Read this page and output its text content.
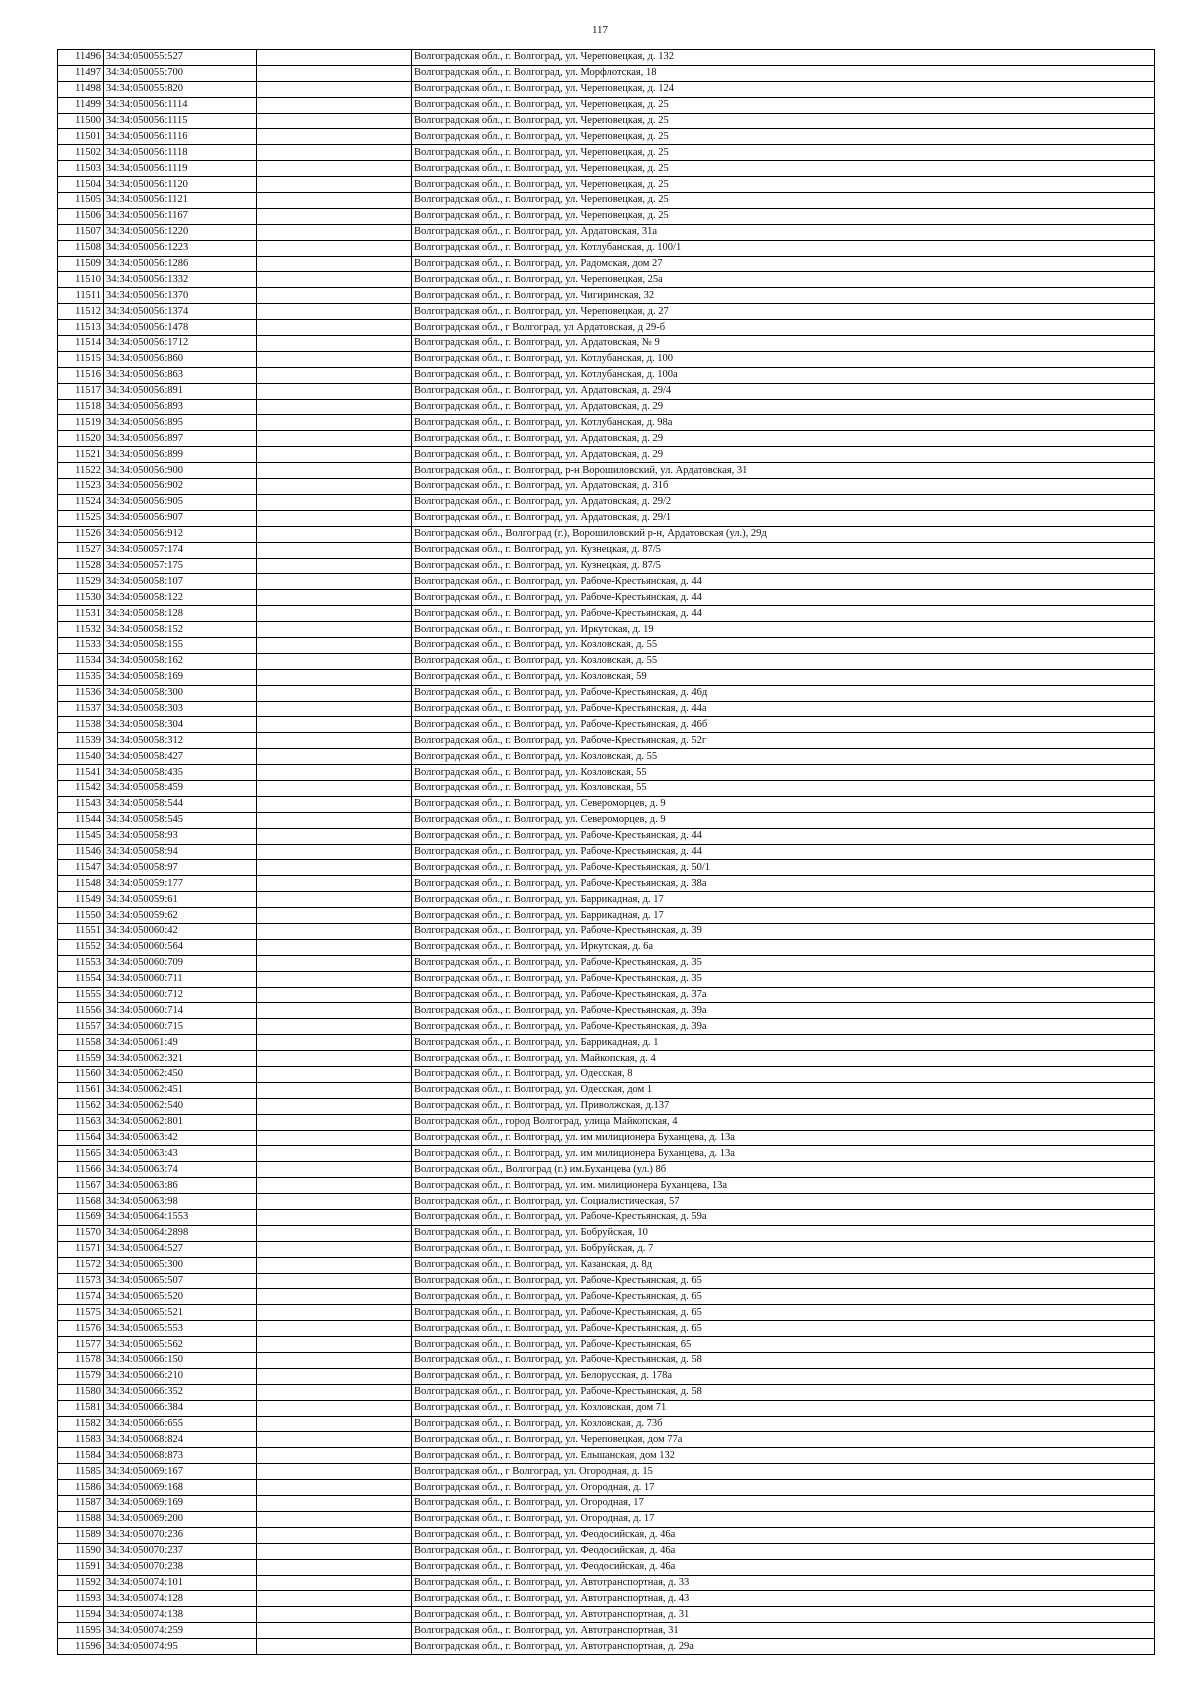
117
11496	34:34:050055:527		Волгоградская обл., г. Волгоград, ул. Череповецкая, д. 132
11497	34:34:050055:700		Волгоградская обл., г. Волгоград, ул. Морфлотская, 18
11498	34:34:050055:820		Волгоградская обл., г. Волгоград, ул. Череповецкая, д. 124
11499	34:34:050056:1114		Волгоградская обл., г. Волгоград, ул. Череповецкая, д. 25
11500	34:34:050056:1115		Волгоградская обл., г. Волгоград, ул. Череповецкая, д. 25
11501	34:34:050056:1116		Волгоградская обл., г. Волгоград, ул. Череповецкая, д. 25
11502	34:34:050056:1118		Волгоградская обл., г. Волгоград, ул. Череповецкая, д. 25
11503	34:34:050056:1119		Волгоградская обл., г. Волгоград, ул. Череповецкая, д. 25
11504	34:34:050056:1120		Волгоградская обл., г. Волгоград, ул. Череповецкая, д. 25
11505	34:34:050056:1121		Волгоградская обл., г. Волгоград, ул. Череповецкая, д. 25
11506	34:34:050056:1167		Волгоградская обл., г. Волгоград, ул. Череповецкая, д. 25
11507	34:34:050056:1220		Волгоградская обл., г. Волгоград, ул. Ардатовская, 31а
11508	34:34:050056:1223		Волгоградская обл., г. Волгоград, ул. Котлубанская, д. 100/1
11509	34:34:050056:1286		Волгоградская обл., г. Волгоград, ул. Радомская, дом 27
11510	34:34:050056:1332		Волгоградская обл., г. Волгоград, ул. Череповецкая, 25а
11511	34:34:050056:1370		Волгоградская обл., г. Волгоград, ул. Чигиринская, 32
11512	34:34:050056:1374		Волгоградская обл., г. Волгоград, ул. Череповецкая, д. 27
11513	34:34:050056:1478		Волгоградская обл., г Волгоград, ул Ардатовская, д 29-б
11514	34:34:050056:1712		Волгоградская обл., г. Волгоград, ул. Ардатовская, № 9
11515	34:34:050056:860		Волгоградская обл., г. Волгоград, ул. Котлубанская, д. 100
11516	34:34:050056:863		Волгоградская обл., г. Волгоград, ул. Котлубанская, д. 100а
11517	34:34:050056:891		Волгоградская обл., г. Волгоград, ул. Ардатовская, д. 29/4
11518	34:34:050056:893		Волгоградская обл., г. Волгоград, ул. Ардатовская, д. 29
11519	34:34:050056:895		Волгоградская обл., г. Волгоград, ул. Котлубанская, д. 98а
11520	34:34:050056:897		Волгоградская обл., г. Волгоград, ул. Ардатовская, д. 29
11521	34:34:050056:899		Волгоградская обл., г. Волгоград, ул. Ардатовская, д. 29
11522	34:34:050056:900		Волгоградская обл., г. Волгоград, р-н Ворошиловский, ул. Ардатовская, 31
11523	34:34:050056:902		Волгоградская обл., г. Волгоград, ул. Ардатовская, д. 31б
11524	34:34:050056:905		Волгоградская обл., г. Волгоград, ул. Ардатовская, д. 29/2
11525	34:34:050056:907		Волгоградская обл., г. Волгоград, ул. Ардатовская, д. 29/1
11526	34:34:050056:912		Волгоградская обл., Волгоград (г.), Ворошиловский р-н, Ардатовская (ул.), 29д
11527	34:34:050057:174		Волгоградская обл., г. Волгоград, ул. Кузнецкая, д. 87/5
11528	34:34:050057:175		Волгоградская обл., г. Волгоград, ул. Кузнецкая, д. 87/5
11529	34:34:050058:107		Волгоградская обл., г. Волгоград, ул. Рабоче-Крестьянская, д. 44
11530	34:34:050058:122		Волгоградская обл., г. Волгоград, ул. Рабоче-Крестьянская, д. 44
11531	34:34:050058:128		Волгоградская обл., г. Волгоград, ул. Рабоче-Крестьянская, д. 44
11532	34:34:050058:152		Волгоградская обл., г. Волгоград, ул. Иркутская, д. 19
11533	34:34:050058:155		Волгоградская обл., г. Волгоград, ул. Козловская, д. 55
11534	34:34:050058:162		Волгоградская обл., г. Волгоград, ул. Козловская, д. 55
11535	34:34:050058:169		Волгоградская обл., г. Волгоград, ул. Козловская, 59
11536	34:34:050058:300		Волгоградская обл., г. Волгоград, ул. Рабоче-Крестьянская, д. 46д
11537	34:34:050058:303		Волгоградская обл., г. Волгоград, ул. Рабоче-Крестьянская, д. 44а
11538	34:34:050058:304		Волгоградская обл., г. Волгоград, ул. Рабоче-Крестьянская, д. 46б
11539	34:34:050058:312		Волгоградская обл., г. Волгоград, ул. Рабоче-Крестьянская, д. 52г
11540	34:34:050058:427		Волгоградская обл., г. Волгоград, ул. Козловская, д. 55
11541	34:34:050058:435		Волгоградская обл., г. Волгоград, ул. Козловская, 55
11542	34:34:050058:459		Волгоградская обл., г. Волгоград, ул. Козловская, 55
11543	34:34:050058:544		Волгоградская обл., г. Волгоград, ул. Североморцев, д. 9
11544	34:34:050058:545		Волгоградская обл., г. Волгоград, ул. Североморцев, д. 9
11545	34:34:050058:93		Волгоградская обл., г. Волгоград, ул. Рабоче-Крестьянская, д. 44
11546	34:34:050058:94		Волгоградская обл., г. Волгоград, ул. Рабоче-Крестьянская, д. 44
11547	34:34:050058:97		Волгоградская обл., г. Волгоград, ул. Рабоче-Крестьянская, д. 50/1
11548	34:34:050059:177		Волгоградская обл., г. Волгоград, ул. Рабоче-Крестьянская, д. 38а
11549	34:34:050059:61		Волгоградская обл., г. Волгоград, ул. Баррикадная, д. 17
11550	34:34:050059:62		Волгоградская обл., г. Волгоград, ул. Баррикадная, д. 17
11551	34:34:050060:42		Волгоградская обл., г. Волгоград, ул. Рабоче-Крестьянская, д. 39
11552	34:34:050060:564		Волгоградская обл., г. Волгоград, ул. Иркутская, д. 6а
11553	34:34:050060:709		Волгоградская обл., г. Волгоград, ул. Рабоче-Крестьянская, д. 35
11554	34:34:050060:711		Волгоградская обл., г. Волгоград, ул. Рабоче-Крестьянская, д. 35
11555	34:34:050060:712		Волгоградская обл., г. Волгоград, ул. Рабоче-Крестьянская, д. 37а
11556	34:34:050060:714		Волгоградская обл., г. Волгоград, ул. Рабоче-Крестьянская, д. 39а
11557	34:34:050060:715		Волгоградская обл., г. Волгоград, ул. Рабоче-Крестьянская, д. 39а
11558	34:34:050061:49		Волгоградская обл., г. Волгоград, ул. Баррикадная, д. 1
11559	34:34:050062:321		Волгоградская обл., г. Волгоград, ул. Майкопская, д. 4
11560	34:34:050062:450		Волгоградская обл., г. Волгоград, ул. Одесская, 8
11561	34:34:050062:451		Волгоградская обл., г. Волгоград, ул. Одесская, дом 1
11562	34:34:050062:540		Волгоградская обл., г. Волгоград, ул. Приволжская, д.137
11563	34:34:050062:801		Волгоградская обл., город Волгоград, улица Майкопская, 4
11564	34:34:050063:42		Волгоградская обл., г. Волгоград, ул. им милиционера Буханцева, д. 13а
11565	34:34:050063:43		Волгоградская обл., г. Волгоград, ул. им милиционера Буханцева, д. 13а
11566	34:34:050063:74		Волгоградская обл., Волгоград (г.) им.Буханцева (ул.) 8б
11567	34:34:050063:86		Волгоградская обл., г. Волгоград, ул. им. милиционера Буханцева, 13а
11568	34:34:050063:98		Волгоградская обл., г. Волгоград, ул. Социалистическая, 57
11569	34:34:050064:1553		Волгоградская обл., г. Волгоград, ул. Рабоче-Крестьянская, д. 59а
11570	34:34:050064:2898		Волгоградская обл., г. Волгоград, ул. Бобруйская, 10
11571	34:34:050064:527		Волгоградская обл., г. Волгоград, ул. Бобруйская, д. 7
11572	34:34:050065:300		Волгоградская обл., г. Волгоград, ул. Казанская, д. 8д
11573	34:34:050065:507		Волгоградская обл., г. Волгоград, ул. Рабоче-Крестьянская, д. 65
11574	34:34:050065:520		Волгоградская обл., г. Волгоград, ул. Рабоче-Крестьянская, д. 65
11575	34:34:050065:521		Волгоградская обл., г. Волгоград, ул. Рабоче-Крестьянская, д. 65
11576	34:34:050065:553		Волгоградская обл., г. Волгоград, ул. Рабоче-Крестьянская, д. 65
11577	34:34:050065:562		Волгоградская обл., г. Волгоград, ул. Рабоче-Крестьянская, 65
11578	34:34:050066:150		Волгоградская обл., г. Волгоград, ул. Рабоче-Крестьянская, д. 58
11579	34:34:050066:210		Волгоградская обл., г. Волгоград, ул. Белорусская, д. 178а
11580	34:34:050066:352		Волгоградская обл., г. Волгоград, ул. Рабоче-Крестьянская, д. 58
11581	34:34:050066:384		Волгоградская обл., г. Волгоград, ул. Козловская, дом 71
11582	34:34:050066:655		Волгоградская обл., г. Волгоград, ул. Козловская, д. 73б
11583	34:34:050068:824		Волгоградская обл., г. Волгоград, ул. Череповецкая, дом 77а
11584	34:34:050068:873		Волгоградская обл., г. Волгоград, ул. Ельшанская, дом 132
11585	34:34:050069:167		Волгоградская обл., г Волгоград, ул. Огородная, д. 15
11586	34:34:050069:168		Волгоградская обл., г. Волгоград, ул. Огородная, д. 17
11587	34:34:050069:169		Волгоградская обл., г. Волгоград, ул. Огородная, 17
11588	34:34:050069:200		Волгоградская обл., г. Волгоград, ул. Огородная, д. 17
11589	34:34:050070:236		Волгоградская обл., г. Волгоград, ул. Феодосийская, д. 46а
11590	34:34:050070:237		Волгоградская обл., г. Волгоград, ул. Феодосийская, д. 46а
11591	34:34:050070:238		Волгоградская обл., г. Волгоград, ул. Феодосийская, д. 46а
11592	34:34:050074:101		Волгоградская обл., г. Волгоград, ул. Автотранспортная, д. 33
11593	34:34:050074:128		Волгоградская обл., г. Волгоград, ул. Автотранспортная, д. 43
11594	34:34:050074:138		Волгоградская обл., г. Волгоград, ул. Автотранспортная, д. 31
11595	34:34:050074:259		Волгоградская обл., г. Волгоград, ул. Автотранспортная, 31
11596	34:34:050074:95		Волгоградская обл., г. Волгоград, ул. Автотранспортная, д. 29а
